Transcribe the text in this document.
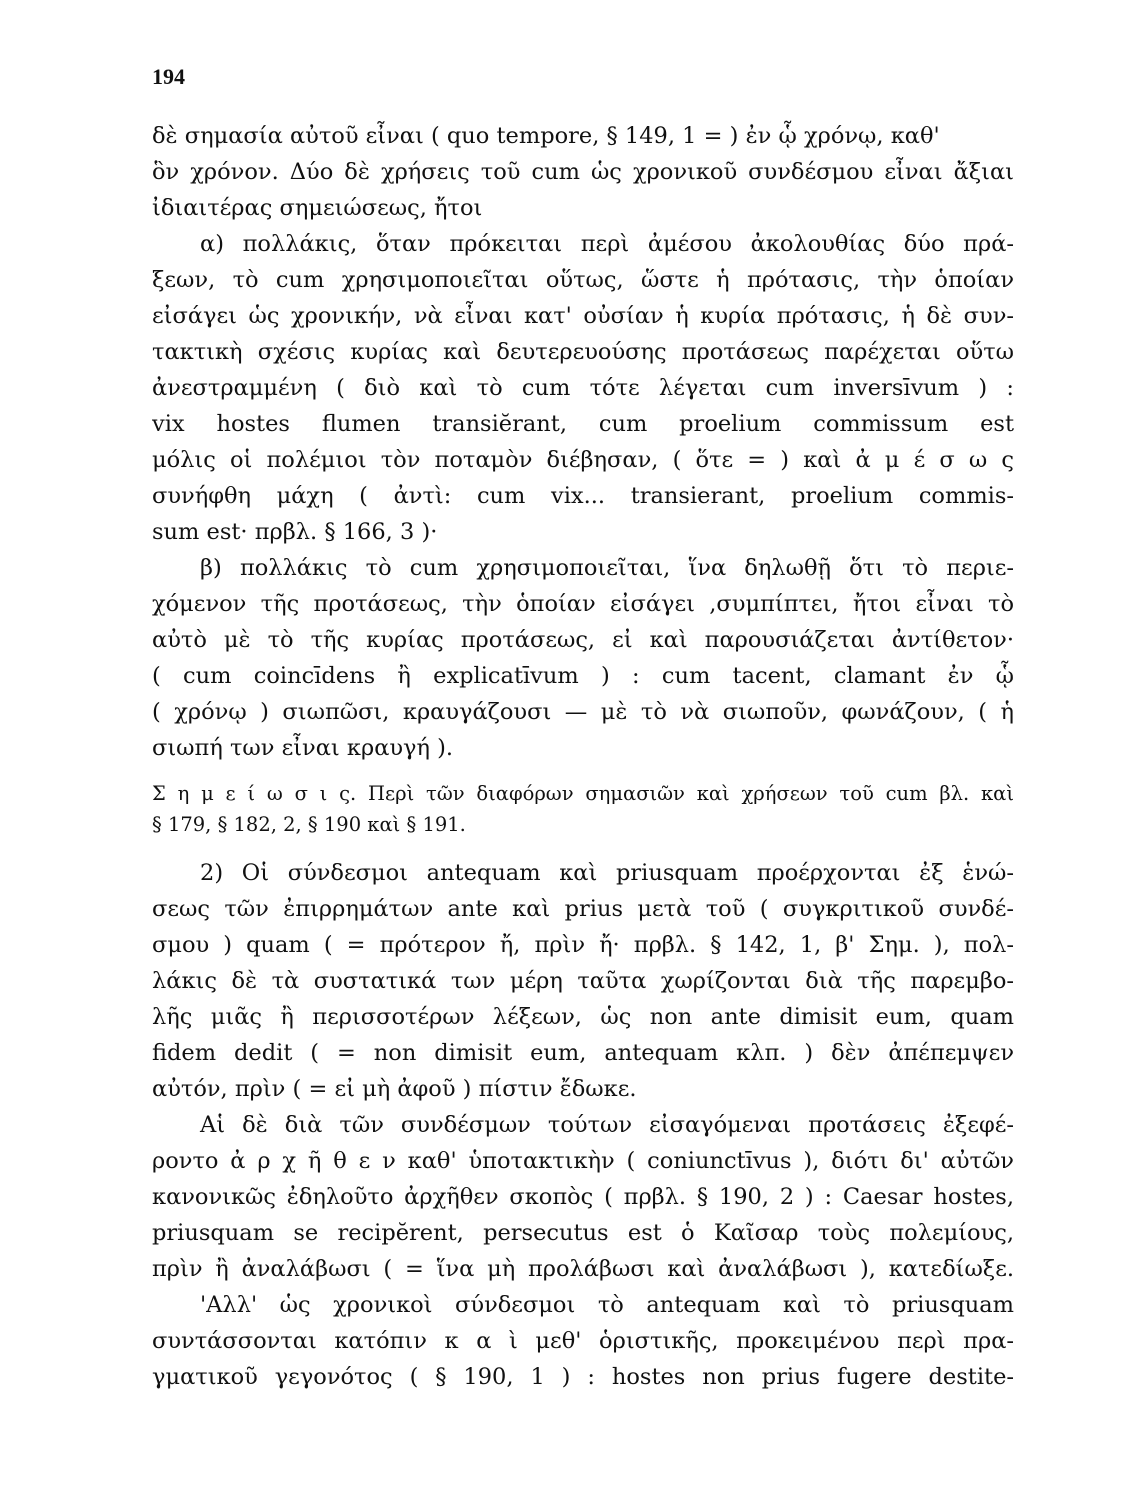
194
δὲ σημασία αὐτοῦ εἶναι ( quo tempore, § 149, 1 = ) ἐν ᾧ χρόνῳ, καθ'
ὃν χρόνον. Δύο δὲ χρήσεις τοῦ cum ὡς χρονικοῦ συνδέσμου εἶναι ἄξιαι
ἰδιαιτέρας σημειώσεως, ἤτοι
α) πολλάκις, ὅταν πρόκειται περὶ ἀμέσου ἀκολουθίας δύο πρά-
ξεων, τὸ cum χρησιμοποιεῖται οὕτως, ὥστε ἡ πρότασις, τὴν ὁποίαν
εἰσάγει ὡς χρονικήν, νὰ εἶναι κατ' οὐσίαν ἡ κυρία πρότασις, ἡ δὲ συν-
τακτικὴ σχέσις κυρίας καὶ δευτερευούσης προτάσεως παρέχεται οὕτω
ἀνεστραμμένη ( διὸ καὶ τὸ cum τότε λέγεται cum inversīvum ) :
vix hostes flumen transiĕrant, cum proelium commissum est
μόλις οἱ πολέμιοι τὸν ποταμὸν διέβησαν, ( ὅτε = ) καὶ ἀ μ έ σ ω ς
συνήφθη μάχη ( ἀντὶ: cum vix... transierant, proelium commis-
sum est· πρβλ. § 166, 3 )·
β) πολλάκις τὸ cum χρησιμοποιεῖται, ἵνα δηλωθῇ ὅτι τὸ περιε-
χόμενον τῆς προτάσεως, τὴν ὁποίαν εἰσάγει ,συμπίπτει, ἤτοι εἶναι τὸ
αὐτὸ μὲ τὸ τῆς κυρίας προτάσεως, εἰ καὶ παρουσιάζεται ἀντίθετον·
( cum coincīdens ἢ explicatīvum ) : cum tacent, clamant ἐν ᾧ
( χρόνῳ ) σιωπῶσι, κραυγάζουσι — μὲ τὸ νὰ σιωποῦν, φωνάζουν, ( ἡ
σιωπή των εἶναι κραυγή ).
Σ η μ ε ί ω σ ι ς. Περὶ τῶν διαφόρων σημασιῶν καὶ χρήσεων τοῦ cum βλ. καὶ
§ 179, § 182, 2, § 190 καὶ § 191.
2) Οἱ σύνδεσμοι antequam καὶ priusquam προέρχονται ἐξ ἑνώ-
σεως τῶν ἐπιρρημάτων ante καὶ prius μετὰ τοῦ ( συγκριτικοῦ συνδέ-
σμου ) quam ( = πρότερον ἤ, πρὶν ἤ· πρβλ. § 142, 1, β' Σημ. ), πολ-
λάκις δὲ τὰ συστατικά των μέρη ταῦτα χωρίζονται διὰ τῆς παρεμβο-
λῆς μιᾶς ἢ περισσοτέρων λέξεων, ὡς non ante dimisit eum, quam
fidem dedit ( = non dimisit eum, antequam κλπ. ) δὲν ἀπέπεμψεν
αὐτόν, πρὶν ( = εἰ μὴ ἀφοῦ ) πίστιν ἔδωκε.
Αἱ δὲ διὰ τῶν συνδέσμων τούτων εἰσαγόμεναι προτάσεις ἐξεφέ-
ροντο ἀ ρ χ ῆ θ ε ν καθ' ὑποτακτικὴν ( coniunctīvus ), διότι δι' αὐτῶν
κανονικῶς ἐδηλοῦτο ἀρχῆθεν σκοπὸς ( πρβλ. § 190, 2 ) : Caesar hostes,
priusquam se recipĕrent, persecutus est ὁ Καῖσαρ τοὺς πολεμίους,
πρὶν ἢ ἀναλάβωσι ( = ἵνα μὴ προλάβωσι καὶ ἀναλάβωσι ), κατεδίωξε.
'Αλλ' ὡς χρονικοὶ σύνδεσμοι τὸ antequam καὶ τὸ priusquam
συντάσσονται κατόπιν κ α ὶ μεθ' ὁριστικῆς, προκειμένου περὶ πρα-
γματικοῦ γεγονότος ( § 190, 1 ) : hostes non prius fugere destite-
